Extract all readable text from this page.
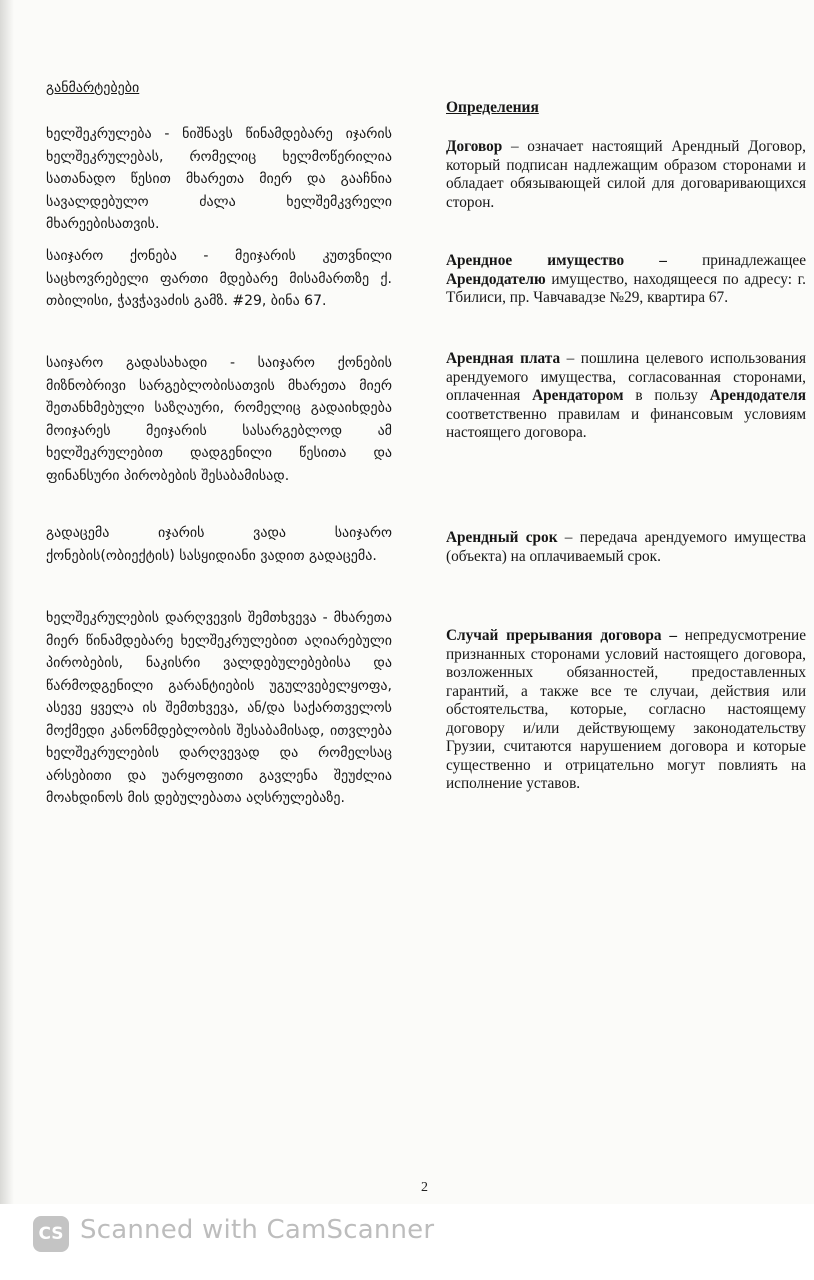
განმარტებები
ხელშეკრულება - ნიშნავს წინამდებარე იჯარის ხელშეკრულებას, რომელიც ხელმოწერილია სათანადო წესით მხარეთა მიერ და გააჩნია სავალდებულო ძალა ხელშემკვრელი მხარეებისათვის.
საიჯარო ქონება - მეიჯარის კუთვნილი საცხოვრებელი ფართი მდებარე მისამართზე ქ. თბილისი, ჭავჭავაძის გამზ. #29, ბინა 67.
საიჯარო გადასახადი - საიჯარო ქონების მიზნობრივი სარგებლობისათვის მხარეთა მიერ შეთანხმებული საზღაური, რომელიც გადაიხდება მოიჯარეს მეიჯარის სასარგებლოდ ამ ხელშეკრულებით დადგენილი წესითა და ფინანსური პირობების შესაბამისად.
გადაცემა იჯარის ვადა საიჯარო ქონების(ობიექტის) სასყიდიანი ვადით გადაცემა.
ხელშეკრულების დარღვევის შემთხვევა - მხარეთა მიერ წინამდებარე ხელშეკრულებით აღიარებული პირობების, ნაკისრი ვალდებულებებისა და წარმოდგენილი გარანტიების უგულვებელყოფა, ასევე ყველა ის შემთხვევა, ან/და საქართველოს მოქმედი კანონმდებლობის შესაბამისად, ითვლება ხელშეკრულების დარღვევად და რომელსაც არსებითი და უარყოფითი გავლენა შეუძლია მოახდინოს მის დებულებათა აღსრულებაზე.
Определения
Договор – означает настоящий Арендный Договор, который подписан надлежащим образом сторонами и обладает обязывающей силой для договаривающихся сторон.
Арендное имущество – принадлежащее Арендодателю имущество, находящееся по адресу: г. Тбилиси, пр. Чавчавадзе №29, квартира 67.
Арендная плата – пошлина целевого использования арендуемого имущества, согласованная сторонами, оплаченная Арендатором в пользу Арендодателя соответственно правилам и финансовым условиям настоящего договора.
Арендный срок – передача арендуемого имущества (объекта) на оплачиваемый срок.
Случай прерывания договора – непредусмотрение признанных сторонами условий настоящего договора, возложенных обязанностей, предоставленных гарантий, а также все те случаи, действия или обстоятельства, которые, согласно настоящему договору и/или действующему законодательству Грузии, считаются нарушением договора и которые существенно и отрицательно могут повлиять на исполнение уставов.
2
CS Scanned with CamScanner
